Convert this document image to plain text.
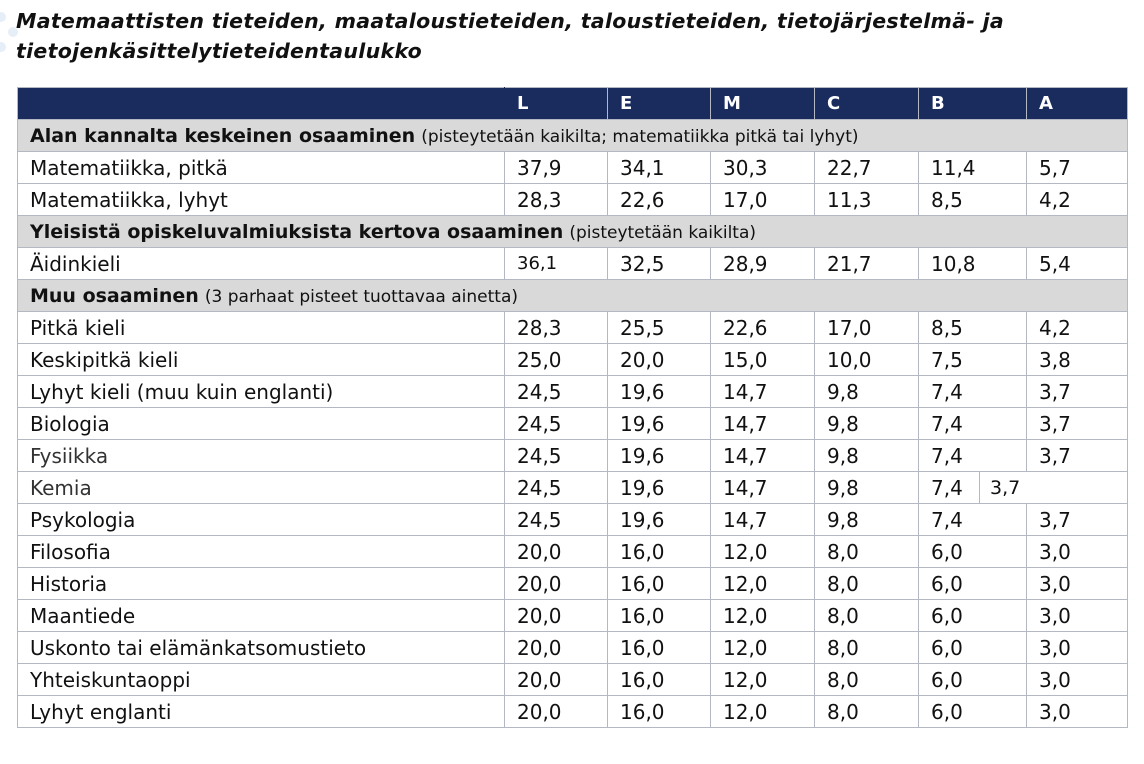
Matemaattisten tieteiden, maataloustieteiden, taloustieteiden, tietojärjestelmä- ja
tietojenkäsittelytieteidentaulukko
	L	E	M	C	B	A
Alan kannalta keskeinen osaaminen (pisteytetään kaikilta; matematiikka pitkä tai lyhyt)						
Matematiikka, pitkä	37,9	34,1	30,3	22,7	11,4	5,7
Matematiikka, lyhyt	28,3	22,6	17,0	11,3	8,5	4,2
Yleisistä opiskeluvalmiuksista kertova osaaminen (pisteytetään kaikilta)						
Äidinkieli	36,1	32,5	28,9	21,7	10,8	5,4
Muu osaaminen (3 parhaat pisteet tuottavaa ainetta)						
Pitkä kieli	28,3	25,5	22,6	17,0	8,5	4,2
Keskipitkä kieli	25,0	20,0	15,0	10,0	7,5	3,8
Lyhyt kieli (muu kuin englanti)	24,5	19,6	14,7	9,8	7,4	3,7
Biologia	24,5	19,6	14,7	9,8	7,4	3,7
Fysiikka	24,5	19,6	14,7	9,8	7,4	3,7
Kemia	24,5	19,6	14,7	9,8	7,4 3,7	

Psykologia	24,5	19,6	14,7	9,8	7,4	3,7
Filosofia	20,0	16,0	12,0	8,0	6,0	3,0
Historia	20,0	16,0	12,0	8,0	6,0	3,0
Maantiede	20,0	16,0	12,0	8,0	6,0	3,0
Uskonto tai elämänkatsomustieto	20,0	16,0	12,0	8,0	6,0	3,0
Yhteiskuntaoppi	20,0	16,0	12,0	8,0	6,0	3,0
Lyhyt englanti	20,0	16,0	12,0	8,0	6,0	3,0
